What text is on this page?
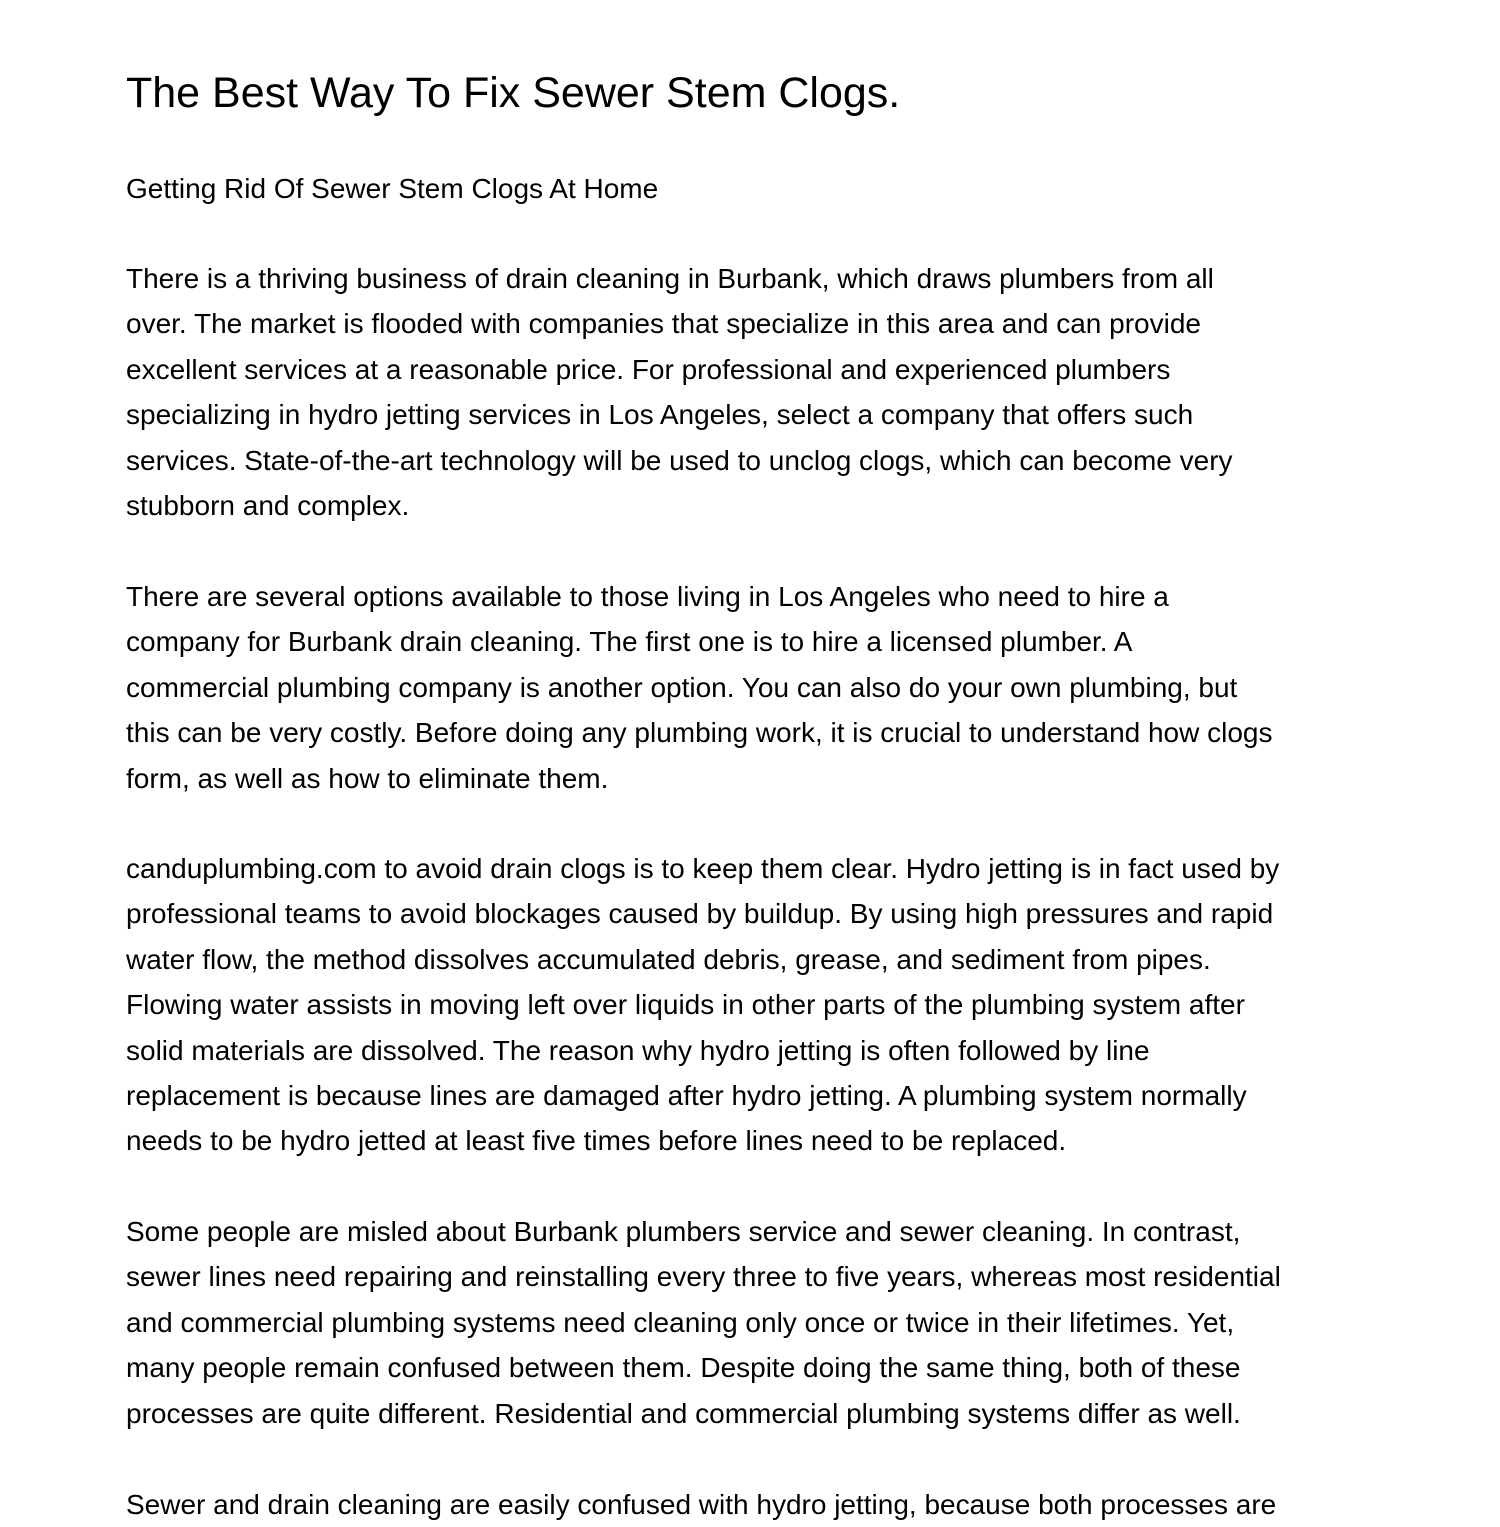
The Best Way To Fix Sewer Stem Clogs.

Getting Rid Of Sewer Stem Clogs At Home

There is a thriving business of drain cleaning in Burbank, which draws plumbers from all
over. The market is flooded with companies that specialize in this area and can provide
excellent services at a reasonable price. For professional and experienced plumbers
specializing in hydro jetting services in Los Angeles, select a company that offers such
services. State-of-the-art technology will be used to unclog clogs, which can become very
stubborn and complex.

There are several options available to those living in Los Angeles who need to hire a
company for Burbank drain cleaning. The first one is to hire a licensed plumber. A
commercial plumbing company is another option. You can also do your own plumbing, but
this can be very costly. Before doing any plumbing work, it is crucial to understand how clogs
form, as well as how to eliminate them.

canduplumbing.com to avoid drain clogs is to keep them clear. Hydro jetting is in fact used by
professional teams to avoid blockages caused by buildup. By using high pressures and rapid
water flow, the method dissolves accumulated debris, grease, and sediment from pipes.
Flowing water assists in moving left over liquids in other parts of the plumbing system after
solid materials are dissolved. The reason why hydro jetting is often followed by line
replacement is because lines are damaged after hydro jetting. A plumbing system normally
needs to be hydro jetted at least five times before lines need to be replaced.

Some people are misled about Burbank plumbers service and sewer cleaning. In contrast,
sewer lines need repairing and reinstalling every three to five years, whereas most residential
and commercial plumbing systems need cleaning only once or twice in their lifetimes. Yet,
many people remain confused between them. Despite doing the same thing, both of these
processes are quite different. Residential and commercial plumbing systems differ as well.

Sewer and drain cleaning are easily confused with hydro jetting, because both processes are
